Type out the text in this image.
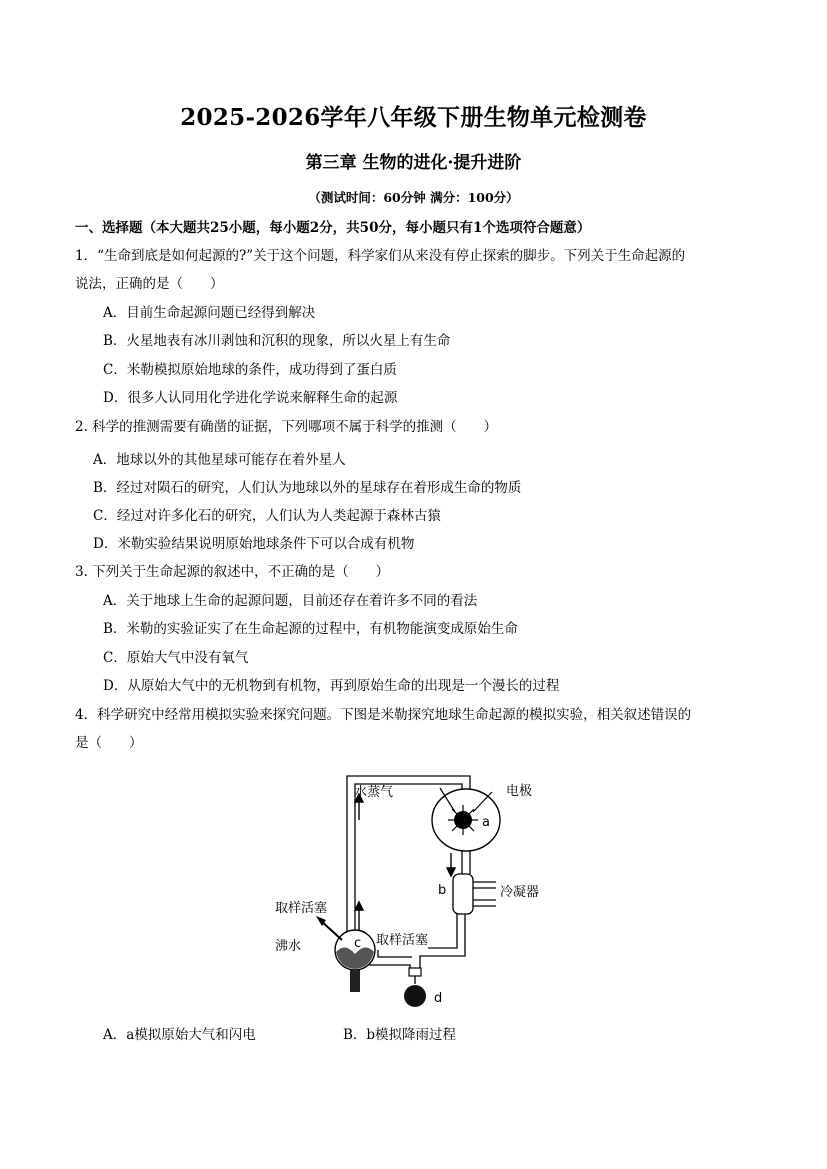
2025-2026学年八年级下册生物单元检测卷
第三章 生物的进化·提升进阶
（测试时间：60分钟 满分：100分）
一、选择题（本大题共25小题，每小题2分，共50分，每小题只有1个选项符合题意）
1．“生命到底是如何起源的?”关于这个问题，科学家们从来没有停止探索的脚步。下列关于生命起源的
说法，正确的是（　　）
A．目前生命起源问题已经得到解决
B．火星地表有冰川剥蚀和沉积的现象，所以火星上有生命
C．米勒模拟原始地球的条件，成功得到了蛋白质
D．很多人认同用化学进化学说来解释生命的起源
2. 科学的推测需要有确凿的证据，下列哪项不属于科学的推测（　　）
A．地球以外的其他星球可能存在着外星人
B．经过对陨石的研究，人们认为地球以外的星球存在着形成生命的物质
C．经过对许多化石的研究，人们认为人类起源于森林古猿
D．米勒实验结果说明原始地球条件下可以合成有机物
3. 下列关于生命起源的叙述中，不正确的是（　　）
A．关于地球上生命的起源问题，目前还存在着许多不同的看法
B．米勒的实验证实了在生命起源的过程中，有机物能演变成原始生命
C．原始大气中没有氧气
D．从原始大气中的无机物到有机物，再到原始生命的出现是一个漫长的过程
4．科学研究中经常用模拟实验来探究问题。下图是米勒探究地球生命起源的模拟实验，相关叙述错误的
是（　　）
水蒸气	电极
a
b	冷凝器
取样活塞
取样活塞
沸水	c
d
A．a模拟原始大气和闪电	B．b模拟降雨过程
